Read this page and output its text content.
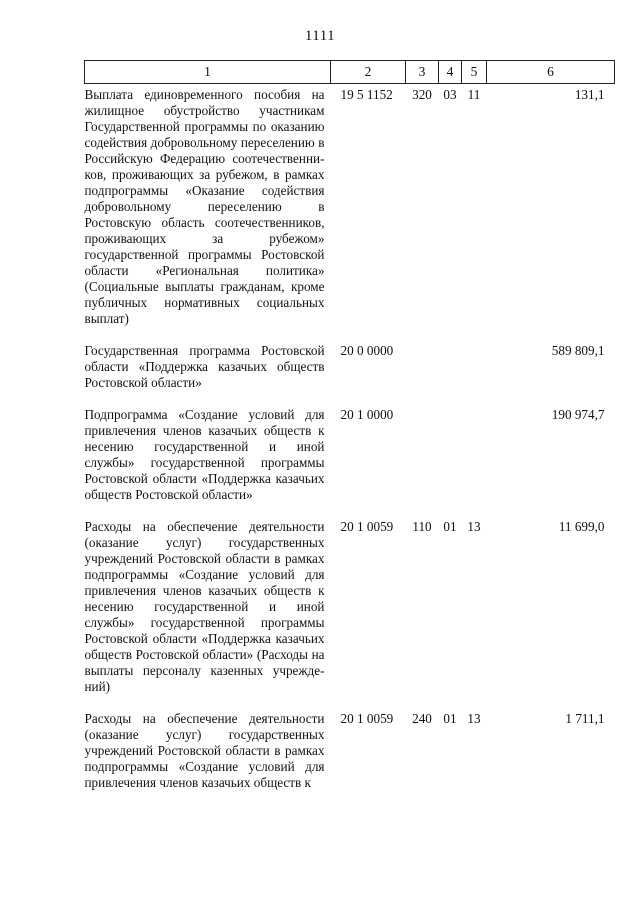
1111
1	2	3	4	5	6
Выплата единовременного пособия на жилищное обустройство участникам Государственной программы по оказанию содействия добровольному переселению в Российскую Федерацию соотечественников, проживающих за рубежом, в рамках подпрограммы «Оказание содействия добровольному переселению в Ростовскую область соотечественников, проживающих за рубежом» государственной программы Ростовской области «Региональная политика» (Социальные выплаты гражданам, кроме публичных нормативных социальных выплат)	19 5 1152	320	03	11	131,1
Государственная программа Ростовской области «Поддержка казачьих обществ Ростовской области»	20 0 0000				589 809,1
Подпрограмма «Создание условий для привлечения членов казачьих обществ к несению государственной и иной службы» государственной программы Ростовской области «Поддержка казачьих обществ Ростовской области»	20 1 0000				190 974,7
Расходы на обеспечение деятельности (оказание услуг) государственных учреждений Ростовской области в рамках подпрограммы «Создание условий для привлечения членов казачьих обществ к несению государственной и иной службы» государственной программы Ростовской области «Поддержка казачьих обществ Ростовской области» (Расходы на выплаты персоналу казенных учреждений)	20 1 0059	110	01	13	11 699,0
Расходы на обеспечение деятельности (оказание услуг) государственных учреждений Ростовской области в рамках подпрограммы «Создание условий для привлечения членов казачьих обществ к	20 1 0059	240	01	13	1 711,1
